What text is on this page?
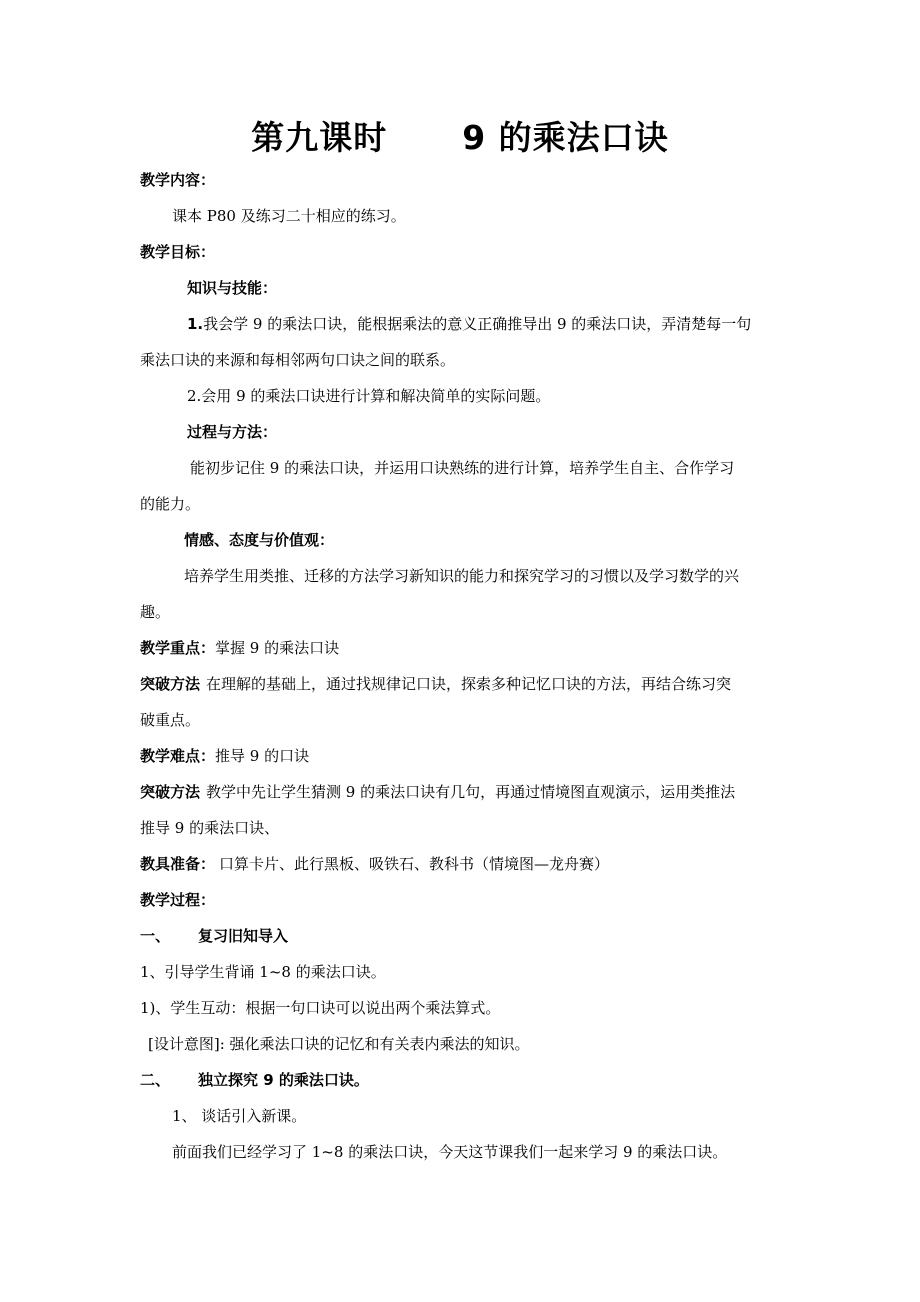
第九课时      9 的乘法口诀
教学内容：
课本 P80 及练习二十相应的练习。
教学目标：
知识与技能：
1.我会学 9 的乘法口诀，能根据乘法的意义正确推导出 9 的乘法口诀，弄清楚每一句
乘法口诀的来源和每相邻两句口诀之间的联系。
2.会用 9 的乘法口诀进行计算和解决简单的实际问题。
过程与方法：
能初步记住 9 的乘法口诀，并运用口诀熟练的进行计算，培养学生自主、合作学习
的能力。
情感、态度与价值观：
培养学生用类推、迁移的方法学习新知识的能力和探究学习的习惯以及学习数学的兴
趣。
教学重点：掌握 9 的乘法口诀
突破方法 在理解的基础上，通过找规律记口诀，探索多种记忆口诀的方法，再结合练习突
破重点。
教学难点：推导 9 的口诀
突破方法 教学中先让学生猜测 9 的乘法口诀有几句，再通过情境图直观演示，运用类推法
推导 9 的乘法口诀、
教具准备： 口算卡片、此行黑板、吸铁石、教科书（情境图—龙舟赛）
教学过程：
一、 复习旧知导入
1、引导学生背诵 1~8 的乘法口诀。
1)、学生互动：根据一句口诀可以说出两个乘法算式。
[设计意图]: 强化乘法口诀的记忆和有关表内乘法的知识。
二、 独立探究 9 的乘法口诀。
1、 谈话引入新课。
前面我们已经学习了 1~8 的乘法口诀，今天这节课我们一起来学习 9 的乘法口诀。
